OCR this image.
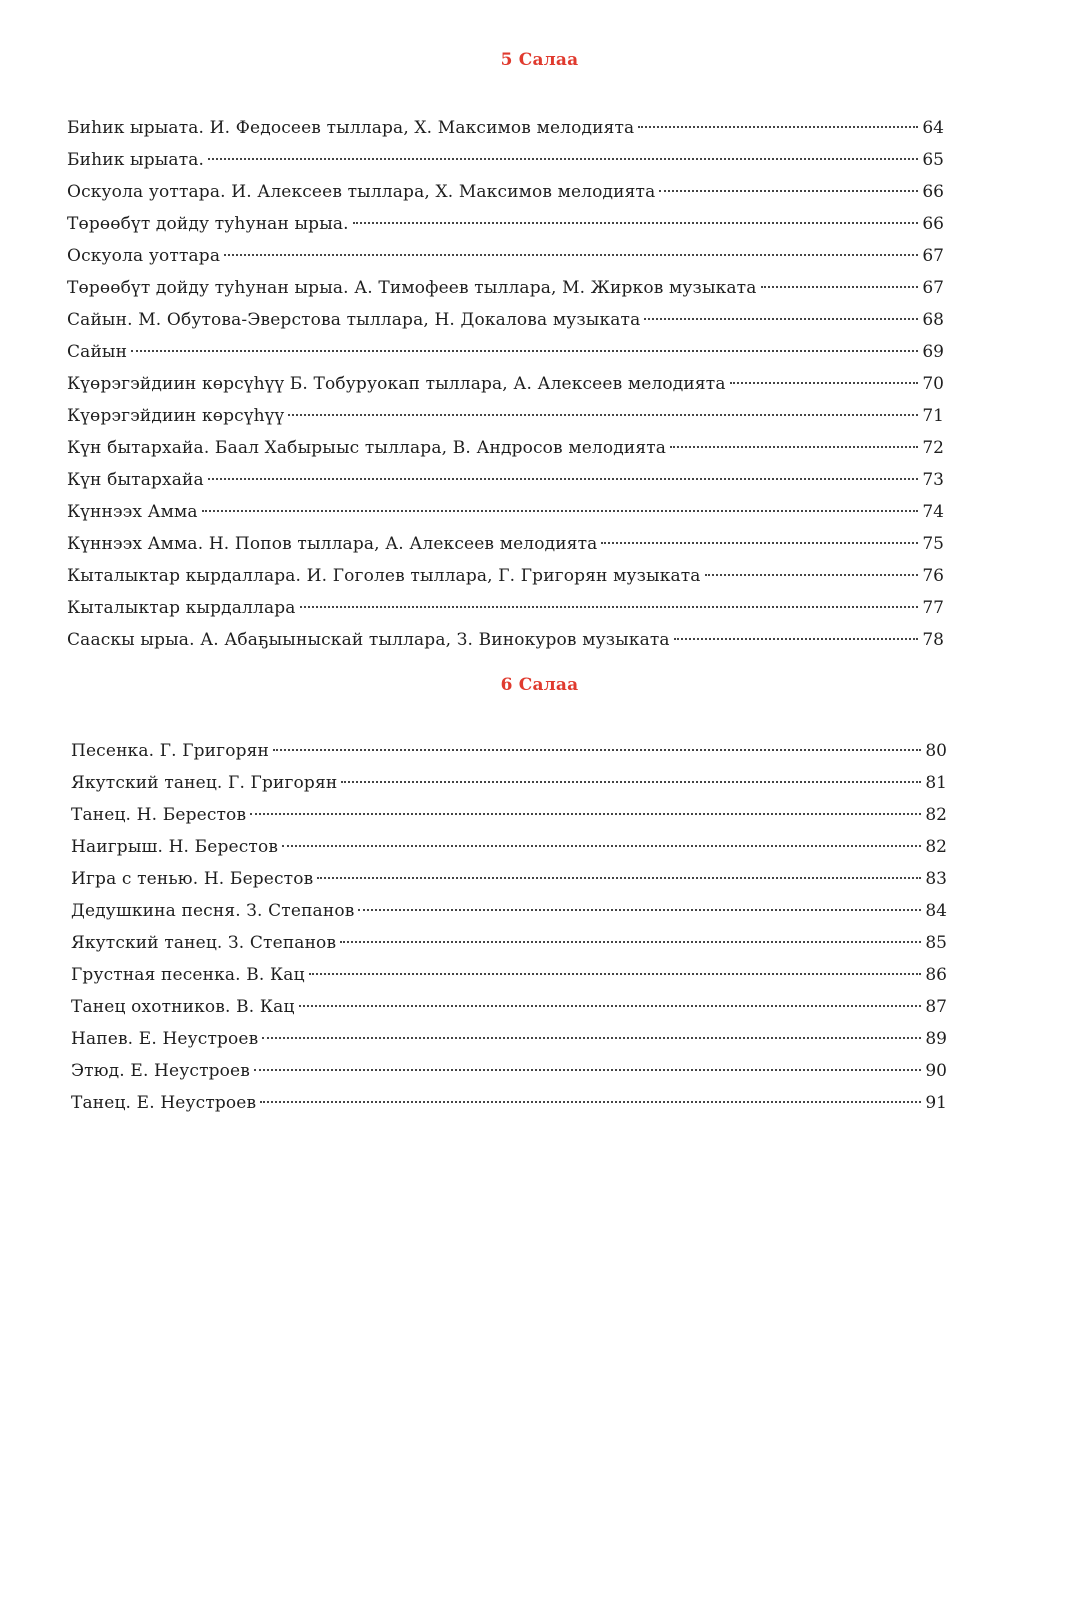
5 Салаа
Биһик ырыата. И. Федосеев тыллара, Х. Максимов мелодията	64
Биһик ырыата.	65
Оскуола уоттара. И. Алексеев тыллара, Х. Максимов мелодията	66
Төрөөбүт дойду туһунан ырыа.	66
Оскуола уоттара	67
Төрөөбүт дойду туһунан ырыа. А. Тимофеев тыллара, М. Жирков музыката	67
Сайын. М. Обутова-Эверстова тыллара, Н. Докалова музыката	68
Сайын	69
Күөрэгэйдиин көрсүһүү Б. Тобуруокап тыллара, А. Алексеев мелодията	70
Күөрэгэйдиин көрсүһүү	71
Күн бытархайа. Баал Хабырыыс тыллара, В. Андросов мелодията	72
Күн бытархайа	73
Күннээх Амма	74
Күннээх Амма. Н. Попов тыллара, А. Алексеев мелодията	75
Кыталыктар кырдаллара. И. Гоголев тыллара, Г. Григорян музыката	76
Кыталыктар кырдаллара	77
Сааскы ырыа. А. Абаҕыыныскай тыллара, З. Винокуров музыката	78
6 Салаа
Песенка. Г. Григорян	80
Якутский танец. Г. Григорян	81
Танец. Н. Берестов	82
Наигрыш. Н. Берестов	82
Игра с тенью. Н. Берестов	83
Дедушкина песня. З. Степанов	84
Якутский танец. З. Степанов	85
Грустная песенка. В. Кац	86
Танец охотников. В. Кац	87
Напев. Е. Неустроев	89
Этюд. Е. Неустроев	90
Танец. Е. Неустроев	91
